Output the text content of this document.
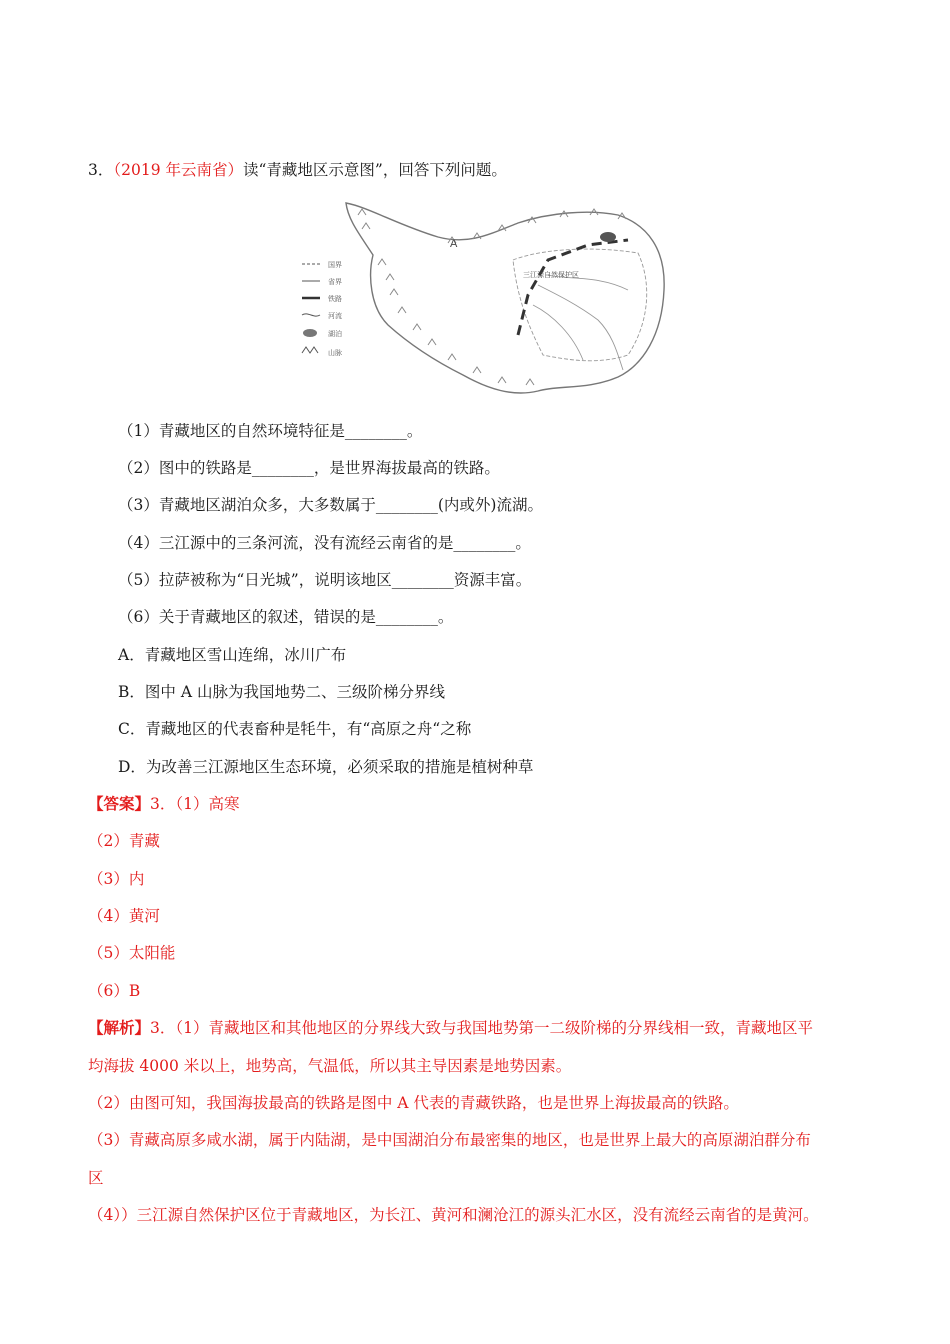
3．（2019 年云南省）读“青藏地区示意图”，回答下列问题。
A
三江源自然保护区
国界
省界
铁路
河流
湖泊
山脉
（1）青藏地区的自然环境特征是________。
（2）图中的铁路是________，是世界海拔最高的铁路。
（3）青藏地区湖泊众多，大多数属于________(内或外)流湖。
（4）三江源中的三条河流，没有流经云南省的是________。
（5）拉萨被称为“日光城”，说明该地区________资源丰富。
（6）关于青藏地区的叙述，错误的是________。
A．青藏地区雪山连绵，冰川广布
B．图中 A 山脉为我国地势二、三级阶梯分界线
C．青藏地区的代表畜种是牦牛，有“高原之舟“之称
D．为改善三江源地区生态环境，必须采取的措施是植树种草
【答案】3．（1）高寒
（2）青藏
（3）内
（4）黄河
（5）太阳能
（6）B
【解析】3．（1）青藏地区和其他地区的分界线大致与我国地势第一二级阶梯的分界线相一致，青藏地区平
均海拔 4000 米以上，地势高，气温低，所以其主导因素是地势因素。
（2）由图可知，我国海拔最高的铁路是图中 A 代表的青藏铁路，也是世界上海拔最高的铁路。
（3）青藏高原多咸水湖，属于内陆湖，是中国湖泊分布最密集的地区，也是世界上最大的高原湖泊群分布
区
（4））三江源自然保护区位于青藏地区，为长江、黄河和澜沧江的源头汇水区，没有流经云南省的是黄河。
